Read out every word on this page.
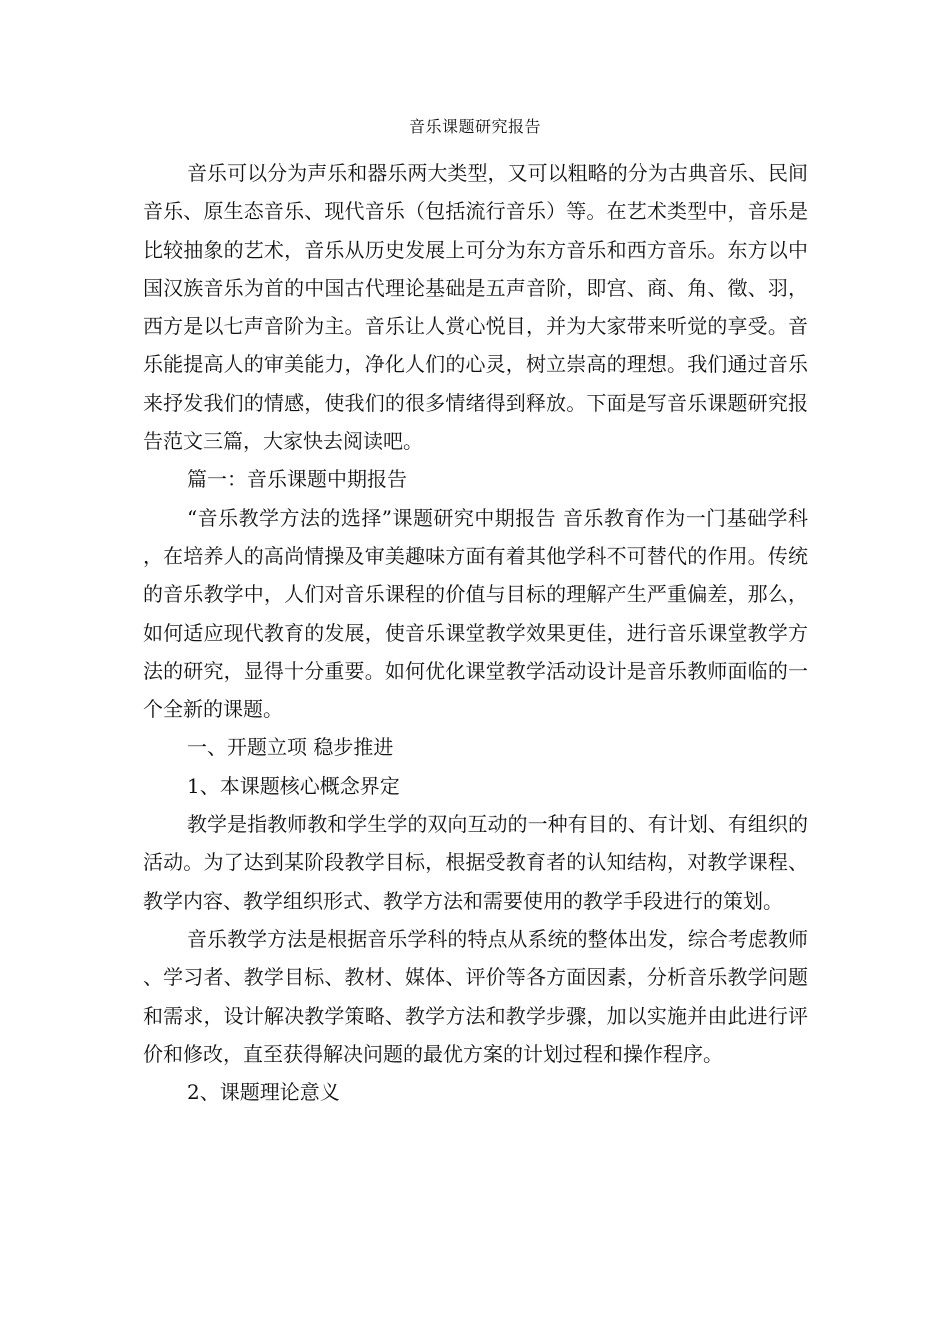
音乐课题研究报告

音乐可以分为声乐和器乐两大类型，又可以粗略的分为古典音乐、民间音乐、原生态音乐、现代音乐（包括流行音乐）等。在艺术类型中，音乐是比较抽象的艺术，音乐从历史发展上可分为东方音乐和西方音乐。东方以中国汉族音乐为首的中国古代理论基础是五声音阶，即宫、商、角、徵、羽，西方是以七声音阶为主。音乐让人赏心悦目，并为大家带来听觉的享受。音乐能提高人的审美能力，净化人们的心灵，树立崇高的理想。我们通过音乐来抒发我们的情感，使我们的很多情绪得到释放。下面是写音乐课题研究报告范文三篇，大家快去阅读吧。

篇一：音乐课题中期报告

“音乐教学方法的选择”课题研究中期报告 音乐教育作为一门基础学科，在培养人的高尚情操及审美趣味方面有着其他学科不可替代的作用。传统的音乐教学中，人们对音乐课程的价值与目标的理解产生严重偏差，那么，如何适应现代教育的发展，使音乐课堂教学效果更佳，进行音乐课堂教学方法的研究，显得十分重要。如何优化课堂教学活动设计是音乐教师面临的一个全新的课题。

一、开题立项 稳步推进

1、本课题核心概念界定

教学是指教师教和学生学的双向互动的一种有目的、有计划、有组织的活动。为了达到某阶段教学目标，根据受教育者的认知结构，对教学课程、教学内容、教学组织形式、教学方法和需要使用的教学手段进行的策划。

音乐教学方法是根据音乐学科的特点从系统的整体出发，综合考虑教师、学习者、教学目标、教材、媒体、评价等各方面因素，分析音乐教学问题和需求，设计解决教学策略、教学方法和教学步骤，加以实施并由此进行评价和修改，直至获得解决问题的最优方案的计划过程和操作程序。

2、课题理论意义
